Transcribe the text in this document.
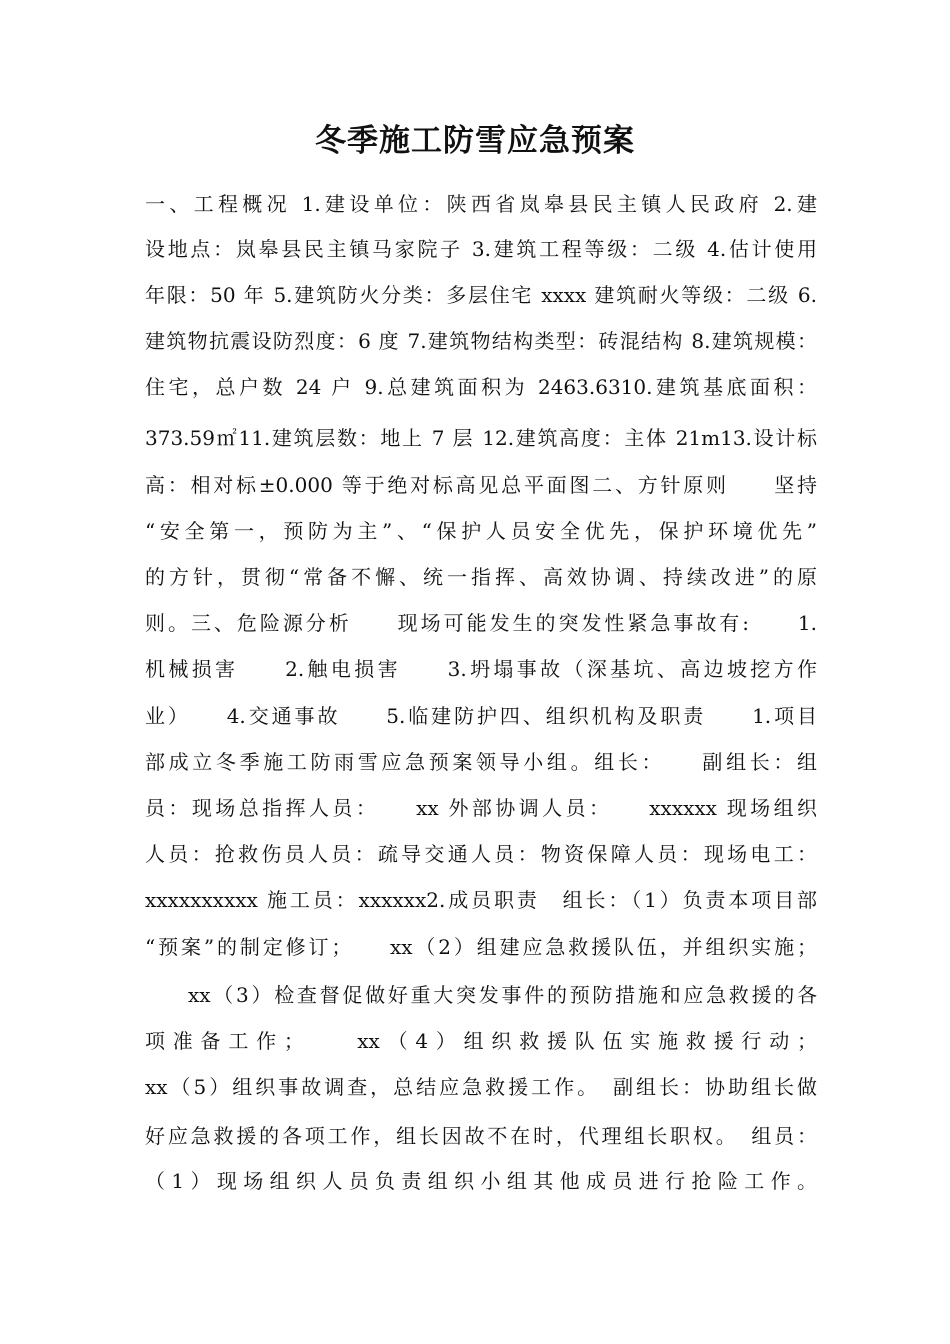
冬季施工防雪应急预案
一、工程概况 1.建设单位：陕西省岚皋县民主镇人民政府 2.建
设地点：岚皋县民主镇马家院子 3.建筑工程等级：二级 4.估计使用
年限：50 年 5.建筑防火分类：多层住宅 xxxx 建筑耐火等级：二级 6.
建筑物抗震设防烈度：6 度 7.建筑物结构类型：砖混结构 8.建筑规模：
住宅，总户数 24 户 9.总建筑面积为 2463.6310.建筑基底面积：
373.59㎡11.建筑层数：地上 7 层 12.建筑高度：主体 21m13.设计标
高：相对标±0.000 等于绝对标高见总平面图二、方针原则　　坚持
“安全第一，预防为主”、“保护人员安全优先，保护环境优先”
的方针，贯彻“常备不懈、统一指挥、高效协调、持续改进”的原
则。三、危险源分析　　现场可能发生的突发性紧急事故有:　　1.
机械损害　　2.触电损害　　3.坍塌事故（深基坑、高边坡挖方作
业）　　4.交通事故　　5.临建防护四、组织机构及职责　　1.项目
部成立冬季施工防雨雪应急预案领导小组。组长：　　副组长：组
员：现场总指挥人员：　　xx 外部协调人员：　　xxxxxx 现场组织
人员：抢救伤员人员：疏导交通人员：物资保障人员：现场电工：
xxxxxxxxxx 施工员：xxxxxx2.成员职责　组长：（1）负责本项目部
“预案”的制定修订；　　xx（2）组建应急救援队伍，并组织实施；
xx（3）检查督促做好重大突发事件的预防措施和应急救援的各
项准备工作；　　xx（4）组织救援队伍实施救援行动；
xx（5）组织事故调查，总结应急救援工作。　副组长：协助组长做
好应急救援的各项工作，组长因故不在时，代理组长职权。　组员：
（1）现场组织人员负责组织小组其他成员进行抢险工作。
